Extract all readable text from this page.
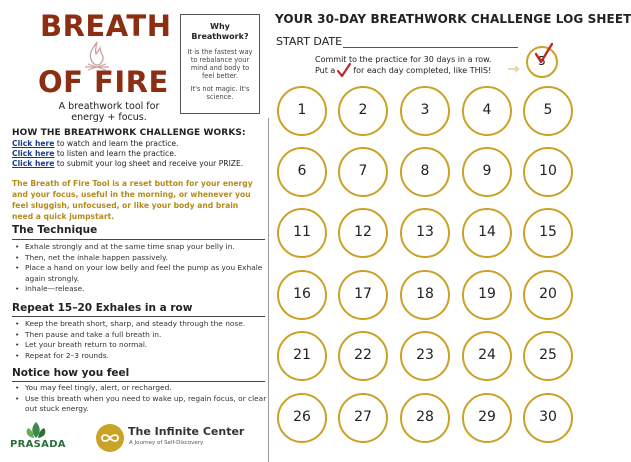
BREATH
OF FIRE
A breathwork tool for energy + focus.
Why Breathwork?
It is the fastest way to rebalance your mind and body to feel better.
It's not magic. It's science.
HOW THE BREATHWORK CHALLENGE WORKS:
Click here to watch and learn the practice.
Click here to listen and learn the practice.
Click here to submit your log sheet and receive your PRIZE.
The Breath of Fire Tool is a reset button for your energy and your focus, useful in the morning, or whenever you feel sluggish, unfocused, or like your body and brain need a quick jumpstart.
The Technique
• Exhale strongly and at the same time snap your belly in.
• Then, net the inhale happen passively.
• Place a hand on your low belly and feel the pump as you Exhale again strongly.
• Inhale—release.
Repeat 15–20 Exhales in a row
• Keep the breath short, sharp, and steady through the nose.
• Then pause and take a full breath in.
• Let your breath return to normal.
• Repeat for 2–3 rounds.
Notice how you feel
• You may feel tingly, alert, or recharged.
• Use this breath when you need to wake up, regain focus, or clear out stuck energy.
PRASADA
The Infinite Center
A Journey of Self-Discovery
YOUR 30-DAY BREATHWORK CHALLENGE LOG SHEET
START DATE
Commit to the practice for 30 days in a row.
Put a for each day completed, like THIS!
5
1	2	3	4	5
6	7	8	9	10
11	12	13	14	15
16	17	18	19	20
21	22	23	24	25
26	27	28	29	30
